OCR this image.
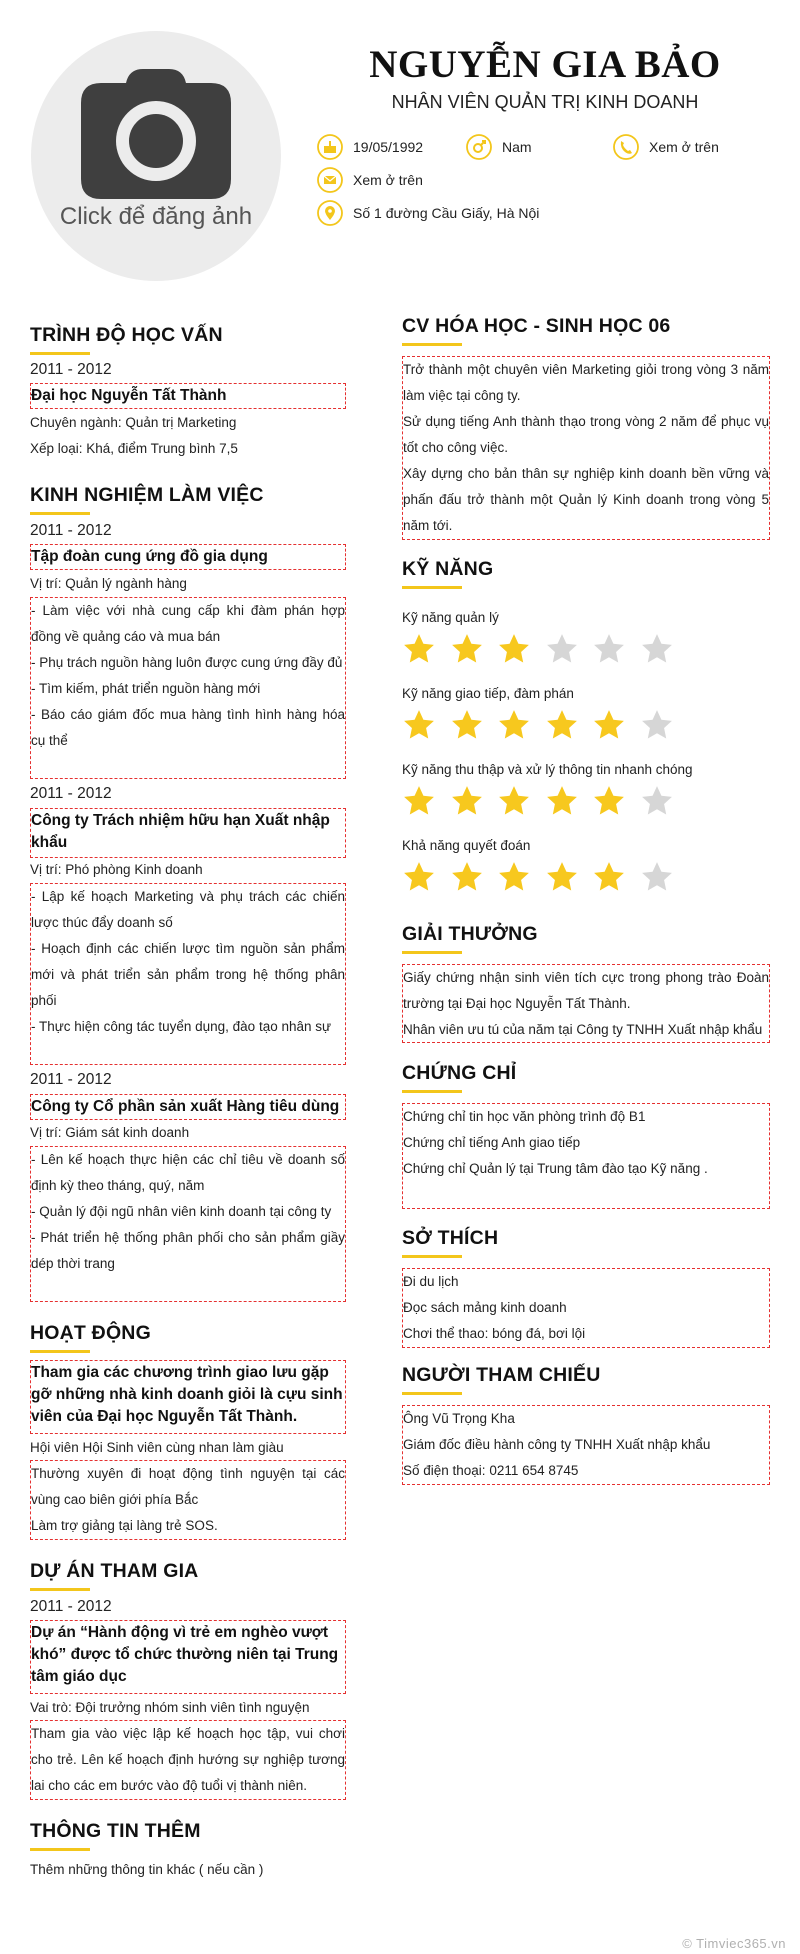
Click để đăng ảnh
NGUYỄN GIA BẢO
NHÂN VIÊN QUẢN TRỊ KINH DOANH
19/05/1992	Nam	Xem ở trên
Xem ở trên
Số 1 đường Cầu Giấy, Hà Nội
TRÌNH ĐỘ HỌC VẤN
2011 - 2012
Đại học Nguyễn Tất Thành
Chuyên ngành: Quản trị Marketing
Xếp loại: Khá, điểm Trung bình 7,5
KINH NGHIỆM LÀM VIỆC
2011 - 2012
Tập đoàn cung ứng đồ gia dụng
Vị trí: Quản lý ngành hàng
- Làm việc với nhà cung cấp khi đàm phán hợp đồng về quảng cáo và mua bán
- Phụ trách nguồn hàng luôn được cung ứng đầy đủ
- Tìm kiếm, phát triển nguồn hàng mới
- Báo cáo giám đốc mua hàng tình hình hàng hóa cụ thể
2011 - 2012
Công ty Trách nhiệm hữu hạn Xuất nhập khẩu
Vị trí: Phó phòng Kinh doanh
- Lập kế hoạch Marketing và phụ trách các chiến lược thúc đẩy doanh số
- Hoạch định các chiến lược tìm nguồn sản phẩm mới và phát triển sản phẩm trong hệ thống phân phối
- Thực hiện công tác tuyển dụng, đào tạo nhân sự
2011 - 2012
Công ty Cổ phần sản xuất Hàng tiêu dùng
Vị trí: Giám sát kinh doanh
- Lên kế hoạch thực hiện các chỉ tiêu về doanh số định kỳ theo tháng, quý, năm
- Quản lý đội ngũ nhân viên kinh doanh tại công ty
- Phát triển hệ thống phân phối cho sản phẩm giầy dép thời trang
HOẠT ĐỘNG
Tham gia các chương trình giao lưu gặp gỡ những nhà kinh doanh giỏi là cựu sinh viên của Đại học Nguyễn Tất Thành.
Hội viên Hội Sinh viên cùng nhan làm giàu
Thường xuyên đi hoạt động tình nguyện tại các vùng cao biên giới phía Bắc
Làm trợ giảng tại làng trẻ SOS.
DỰ ÁN THAM GIA
2011 - 2012
Dự án “Hành động vì trẻ em nghèo vượt khó” được tổ chức thường niên tại Trung tâm giáo dục
Vai trò: Đội trưởng nhóm sinh viên tình nguyện
Tham gia vào việc lập kế hoạch học tập, vui chơi cho trẻ. Lên kế hoạch định hướng sự nghiệp tương lai cho các em bước vào độ tuổi vị thành niên.
THÔNG TIN THÊM
Thêm những thông tin khác ( nếu cần )
CV HÓA HỌC - SINH HỌC 06
Trở thành một chuyên viên Marketing giỏi trong vòng 3 năm làm việc tại công ty.
Sử dụng tiếng Anh thành thạo trong vòng 2 năm để phục vụ tốt cho công việc.
Xây dựng cho bản thân sự nghiệp kinh doanh bền vững và phấn đấu trở thành một Quản lý Kinh doanh trong vòng 5 năm tới.
KỸ NĂNG
Kỹ năng quản lý
Kỹ năng giao tiếp, đàm phán
Kỹ năng thu thập và xử lý thông tin nhanh chóng
Khả năng quyết đoán
GIẢI THƯỞNG
Giấy chứng nhận sinh viên tích cực trong phong trào Đoàn trường tại Đại học Nguyễn Tất Thành.
Nhân viên ưu tú của năm tại Công ty TNHH Xuất nhập khẩu
CHỨNG CHỈ
Chứng chỉ tin học văn phòng trình độ B1
Chứng chỉ tiếng Anh giao tiếp
Chứng chỉ Quản lý tại Trung tâm đào tạo Kỹ năng .
SỞ THÍCH
Đi du lịch
Đọc sách mảng kinh doanh
Chơi thể thao: bóng đá, bơi lội
NGƯỜI THAM CHIẾU
Ông Vũ Trọng Kha
Giám đốc điều hành công ty TNHH Xuất nhập khẩu
Số điện thoại: 0211 654 8745
© Timviec365.vn
